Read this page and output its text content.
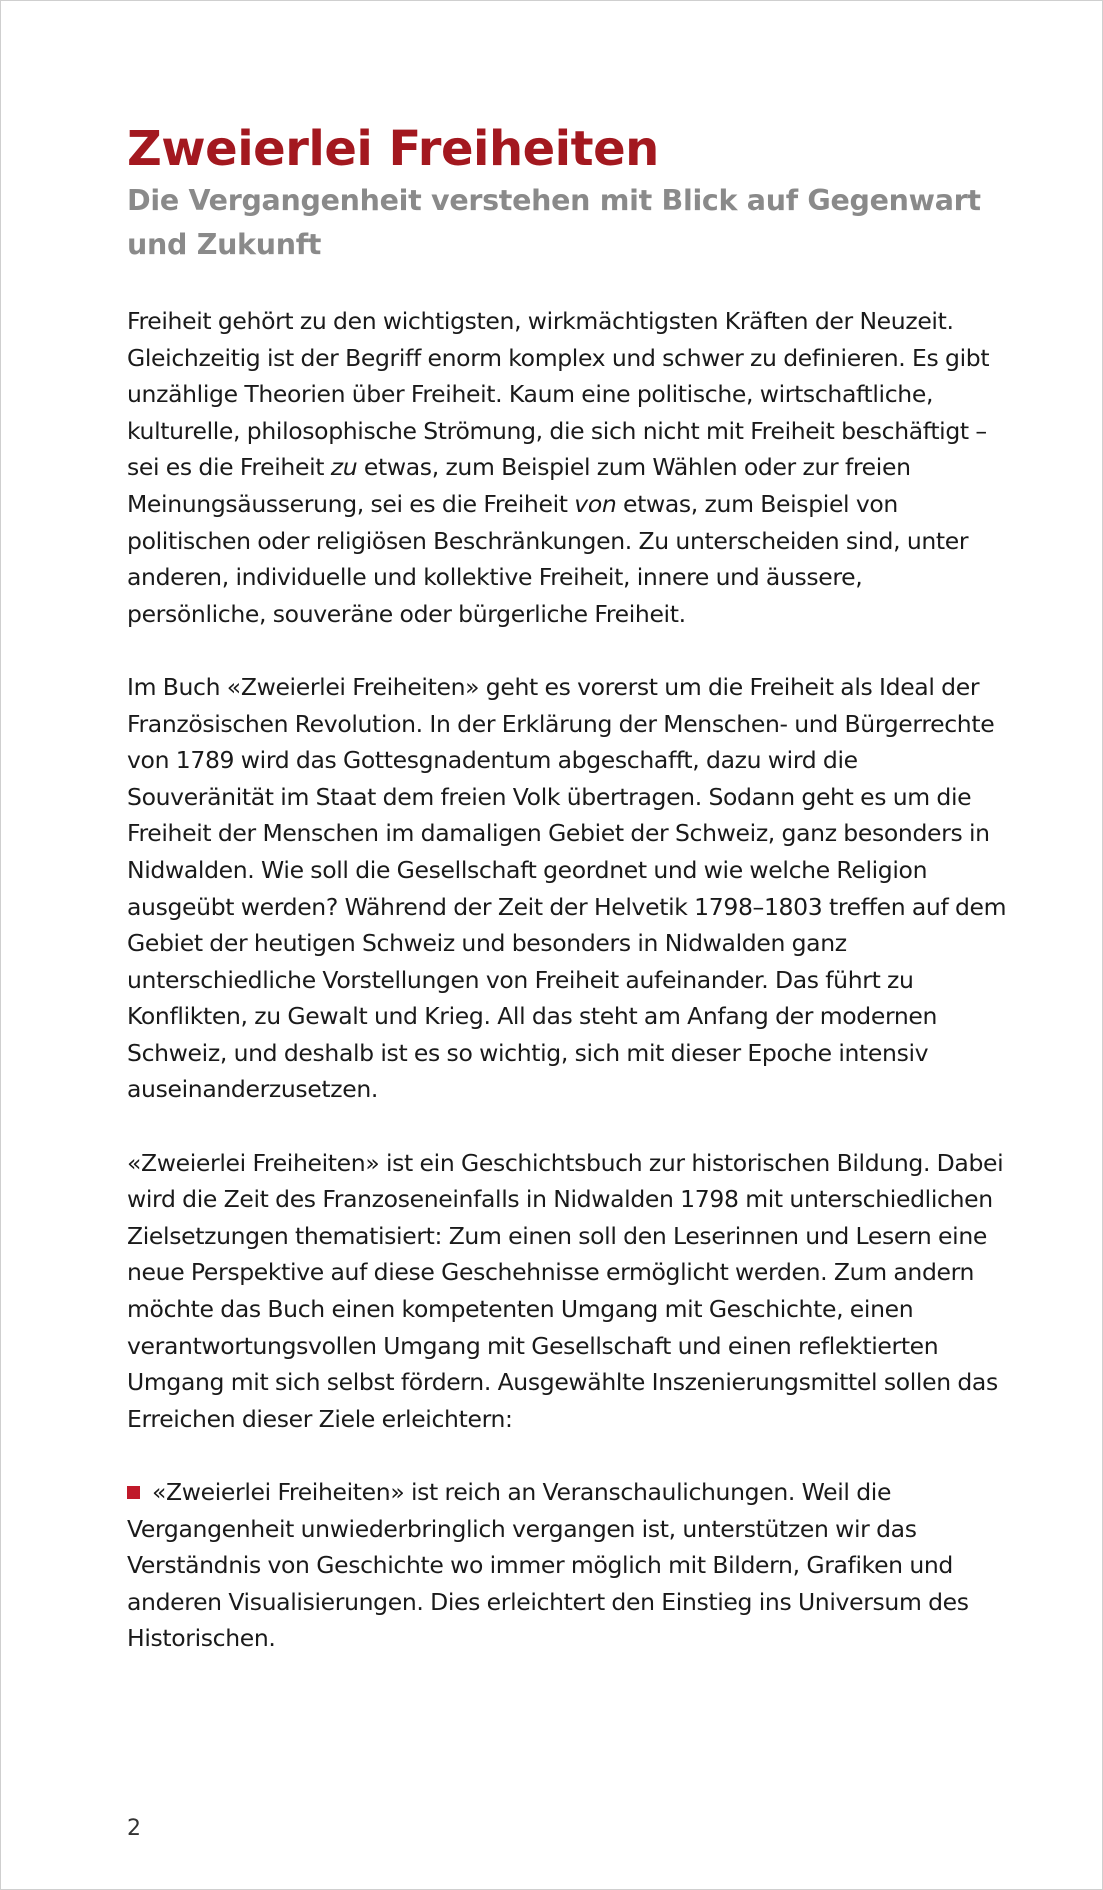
Zweierlei Freiheiten
Die Vergangenheit verstehen mit Blick auf Gegenwart und Zukunft

Freiheit gehört zu den wichtigsten, wirkmächtigsten Kräften der Neuzeit. Gleichzeitig ist der Begriff enorm komplex und schwer zu definieren. Es gibt unzählige Theorien über Freiheit. Kaum eine politische, wirtschaftliche, kulturelle, philosophische Strömung, die sich nicht mit Freiheit beschäftigt – sei es die Freiheit zu etwas, zum Beispiel zum Wählen oder zur freien Meinungsäusserung, sei es die Freiheit von etwas, zum Beispiel von politischen oder religiösen Beschränkungen. Zu unterscheiden sind, unter anderen, individuelle und kollektive Freiheit, innere und äussere, persönliche, souveräne oder bürgerliche Freiheit.

Im Buch «Zweierlei Freiheiten» geht es vorerst um die Freiheit als Ideal der Französischen Revolution. In der Erklärung der Menschen- und Bürgerrechte von 1789 wird das Gottesgnadentum abgeschafft, dazu wird die Souveränität im Staat dem freien Volk übertragen. Sodann geht es um die Freiheit der Menschen im damaligen Gebiet der Schweiz, ganz besonders in Nidwalden. Wie soll die Gesellschaft geordnet und wie welche Religion ausgeübt werden? Während der Zeit der Helvetik 1798–1803 treffen auf dem Gebiet der heutigen Schweiz und besonders in Nidwalden ganz unterschiedliche Vorstellungen von Freiheit aufeinander. Das führt zu Konflikten, zu Gewalt und Krieg. All das steht am Anfang der modernen Schweiz, und deshalb ist es so wichtig, sich mit dieser Epoche intensiv auseinanderzusetzen.

«Zweierlei Freiheiten» ist ein Geschichtsbuch zur historischen Bildung. Dabei wird die Zeit des Franzoseneinfalls in Nidwalden 1798 mit unterschiedlichen Zielsetzungen thematisiert: Zum einen soll den Leserinnen und Lesern eine neue Perspektive auf diese Geschehnisse ermöglicht werden. Zum andern möchte das Buch einen kompetenten Umgang mit Geschichte, einen verantwortungsvollen Umgang mit Gesellschaft und einen reflektierten Umgang mit sich selbst fördern. Ausgewählte Inszenierungsmittel sollen das Erreichen dieser Ziele erleichtern:

«Zweierlei Freiheiten» ist reich an Veranschaulichungen. Weil die Vergangenheit unwiederbringlich vergangen ist, unterstützen wir das Verständnis von Geschichte wo immer möglich mit Bildern, Grafiken und anderen Visualisierungen. Dies erleichtert den Einstieg ins Universum des Historischen.

2
